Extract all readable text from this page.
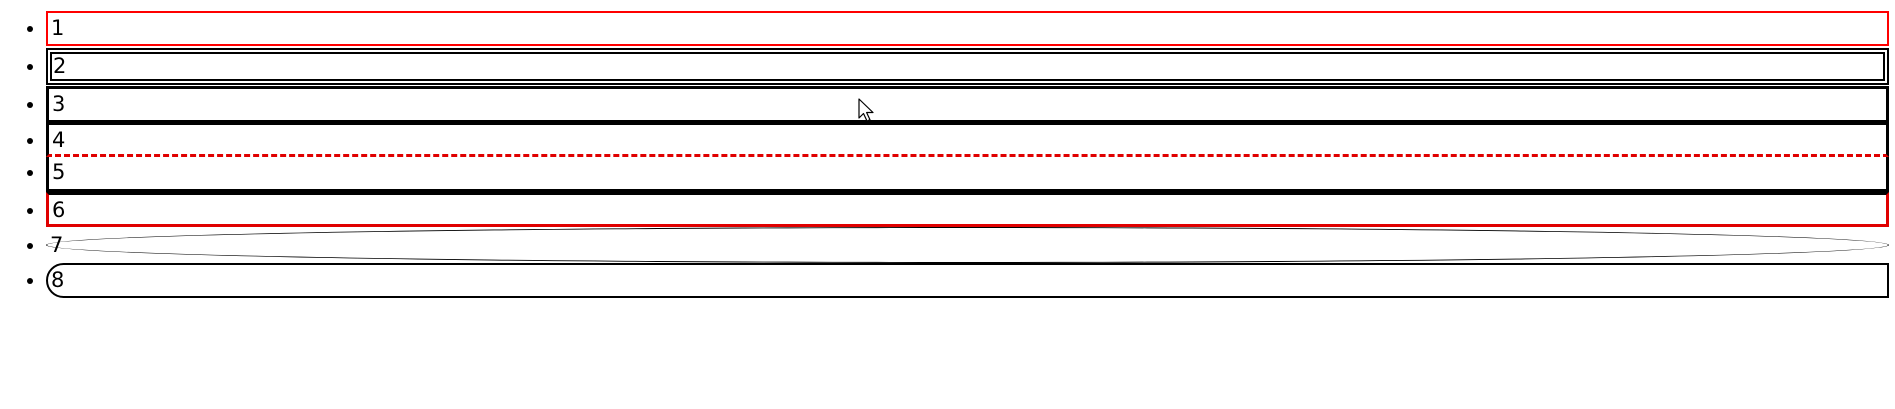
• 1
• 2
• 3
• 4
• 5
• 6
• 7
• 8
